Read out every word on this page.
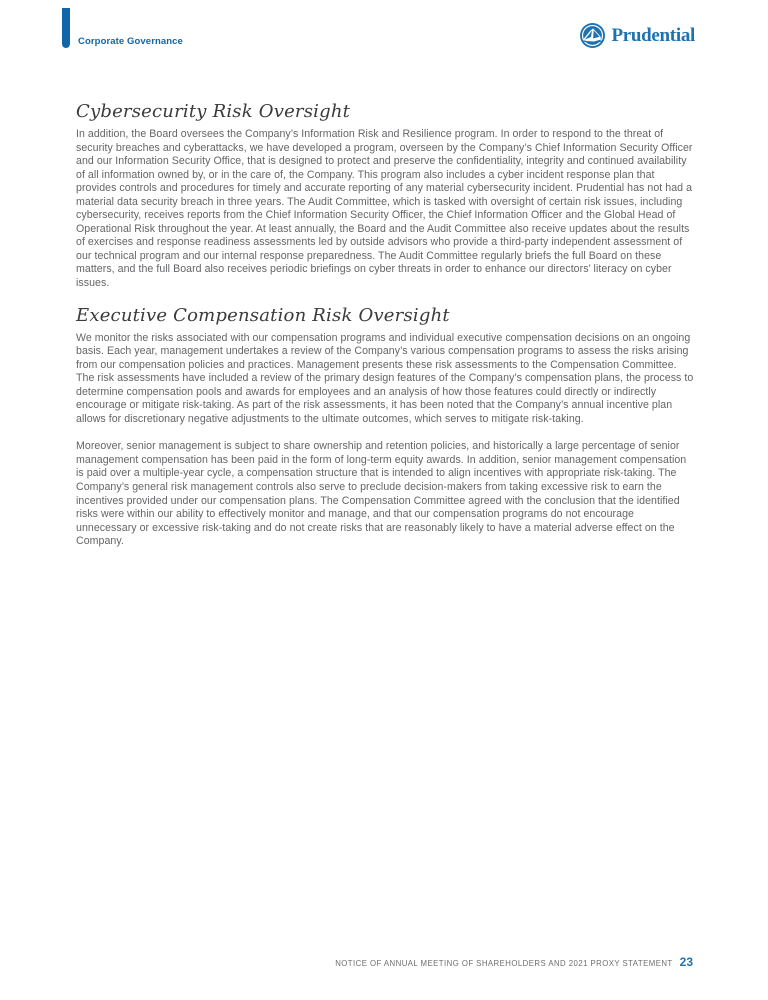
Corporate Governance	Prudential
Cybersecurity Risk Oversight

In addition, the Board oversees the Company’s Information Risk and Resilience program. In order to respond to the threat of security breaches and cyberattacks, we have developed a program, overseen by the Company’s Chief Information Security Officer and our Information Security Office, that is designed to protect and preserve the confidentiality, integrity and continued availability of all information owned by, or in the care of, the Company. This program also includes a cyber incident response plan that provides controls and procedures for timely and accurate reporting of any material cybersecurity incident. Prudential has not had a material data security breach in three years. The Audit Committee, which is tasked with oversight of certain risk issues, including cybersecurity, receives reports from the Chief Information Security Officer, the Chief Information Officer and the Global Head of Operational Risk throughout the year. At least annually, the Board and the Audit Committee also receive updates about the results of exercises and response readiness assessments led by outside advisors who provide a third-party independent assessment of our technical program and our internal response preparedness. The Audit Committee regularly briefs the full Board on these matters, and the full Board also receives periodic briefings on cyber threats in order to enhance our directors’ literacy on cyber issues.

Executive Compensation Risk Oversight

We monitor the risks associated with our compensation programs and individual executive compensation decisions on an ongoing basis. Each year, management undertakes a review of the Company’s various compensation programs to assess the risks arising from our compensation policies and practices. Management presents these risk assessments to the Compensation Committee. The risk assessments have included a review of the primary design features of the Company’s compensation plans, the process to determine compensation pools and awards for employees and an analysis of how those features could directly or indirectly encourage or mitigate risk-taking. As part of the risk assessments, it has been noted that the Company’s annual incentive plan allows for discretionary negative adjustments to the ultimate outcomes, which serves to mitigate risk-taking.

Moreover, senior management is subject to share ownership and retention policies, and historically a large percentage of senior management compensation has been paid in the form of long-term equity awards. In addition, senior management compensation is paid over a multiple-year cycle, a compensation structure that is intended to align incentives with appropriate risk-taking. The Company’s general risk management controls also serve to preclude decision-makers from taking excessive risk to earn the incentives provided under our compensation plans. The Compensation Committee agreed with the conclusion that the identified risks were within our ability to effectively monitor and manage, and that our compensation programs do not encourage unnecessary or excessive risk-taking and do not create risks that are reasonably likely to have a material adverse effect on the Company.

NOTICE OF ANNUAL MEETING OF SHAREHOLDERS AND 2021 PROXY STATEMENT 23
